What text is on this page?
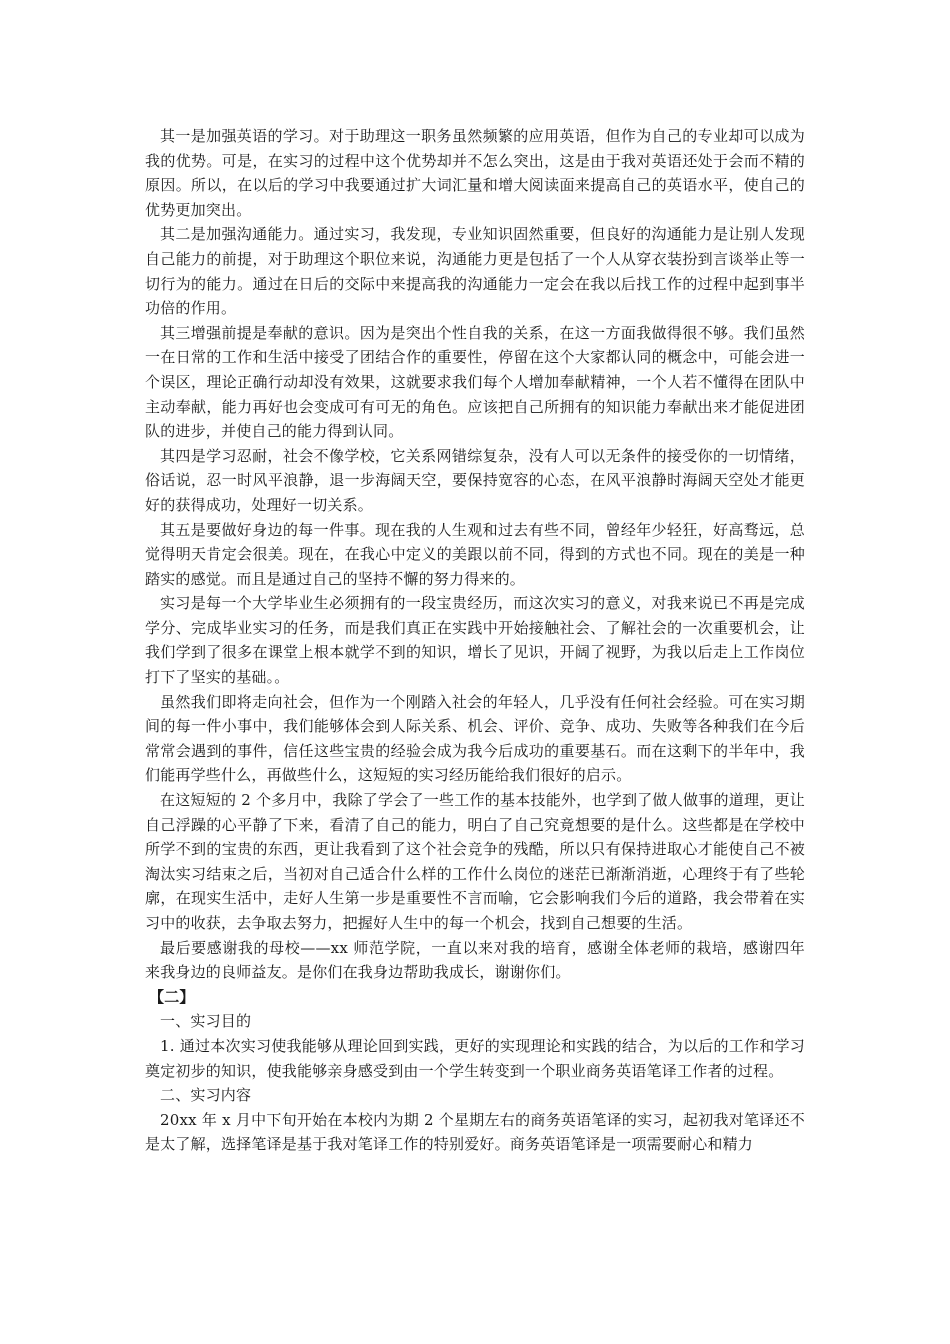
其一是加强英语的学习。对于助理这一职务虽然频繁的应用英语，但作为自己的专业却可以成为我的优势。可是，在实习的过程中这个优势却并不怎么突出，这是由于我对英语还处于会而不精的原因。所以，在以后的学习中我要通过扩大词汇量和增大阅读面来提高自己的英语水平，使自己的优势更加突出。

其二是加强沟通能力。通过实习，我发现，专业知识固然重要，但良好的沟通能力是让别人发现自己能力的前提，对于助理这个职位来说，沟通能力更是包括了一个人从穿衣装扮到言谈举止等一切行为的能力。通过在日后的交际中来提高我的沟通能力一定会在我以后找工作的过程中起到事半功倍的作用。

其三增强前提是奉献的意识。因为是突出个性自我的关系，在这一方面我做得很不够。我们虽然一在日常的工作和生活中接受了团结合作的重要性，停留在这个大家都认同的概念中，可能会进一个误区，理论正确行动却没有效果，这就要求我们每个人增加奉献精神，一个人若不懂得在团队中主动奉献，能力再好也会变成可有可无的角色。应该把自己所拥有的知识能力奉献出来才能促进团队的进步，并使自己的能力得到认同。

其四是学习忍耐，社会不像学校，它关系网错综复杂，没有人可以无条件的接受你的一切情绪，俗话说，忍一时风平浪静，退一步海阔天空，要保持宽容的心态，在风平浪静时海阔天空处才能更好的获得成功，处理好一切关系。

其五是要做好身边的每一件事。现在我的人生观和过去有些不同，曾经年少轻狂，好高骛远，总觉得明天肯定会很美。现在，在我心中定义的美跟以前不同，得到的方式也不同。现在的美是一种踏实的感觉。而且是通过自己的坚持不懈的努力得来的。

实习是每一个大学毕业生必须拥有的一段宝贵经历，而这次实习的意义，对我来说已不再是完成学分、完成毕业实习的任务，而是我们真正在实践中开始接触社会、了解社会的一次重要机会，让我们学到了很多在课堂上根本就学不到的知识，增长了见识，开阔了视野，为我以后走上工作岗位打下了坚实的基础。。

虽然我们即将走向社会，但作为一个刚踏入社会的年轻人，几乎没有任何社会经验。可在实习期间的每一件小事中，我们能够体会到人际关系、机会、评价、竞争、成功、失败等各种我们在今后常常会遇到的事件，信任这些宝贵的经验会成为我今后成功的重要基石。而在这剩下的半年中，我们能再学些什么，再做些什么，这短短的实习经历能给我们很好的启示。

在这短短的 2 个多月中，我除了学会了一些工作的基本技能外，也学到了做人做事的道理，更让自己浮躁的心平静了下来，看清了自己的能力，明白了自己究竟想要的是什么。这些都是在学校中所学不到的宝贵的东西，更让我看到了这个社会竞争的残酷，所以只有保持进取心才能使自己不被淘汰实习结束之后，当初对自己适合什么样的工作什么岗位的迷茫已渐渐消逝，心理终于有了些轮廓，在现实生活中，走好人生第一步是重要性不言而喻，它会影响我们今后的道路，我会带着在实习中的收获，去争取去努力，把握好人生中的每一个机会，找到自己想要的生活。

最后要感谢我的母校——xx 师范学院，一直以来对我的培育，感谢全体老师的栽培，感谢四年来我身边的良师益友。是你们在我身边帮助我成长，谢谢你们。

【二】

一、实习目的

1. 通过本次实习使我能够从理论回到实践，更好的实现理论和实践的结合，为以后的工作和学习奠定初步的知识，使我能够亲身感受到由一个学生转变到一个职业商务英语笔译工作者的过程。

二、实习内容

20xx 年 x 月中下旬开始在本校内为期 2 个星期左右的商务英语笔译的实习，起初我对笔译还不是太了解，选择笔译是基于我对笔译工作的特别爱好。商务英语笔译是一项需要耐心和精力
